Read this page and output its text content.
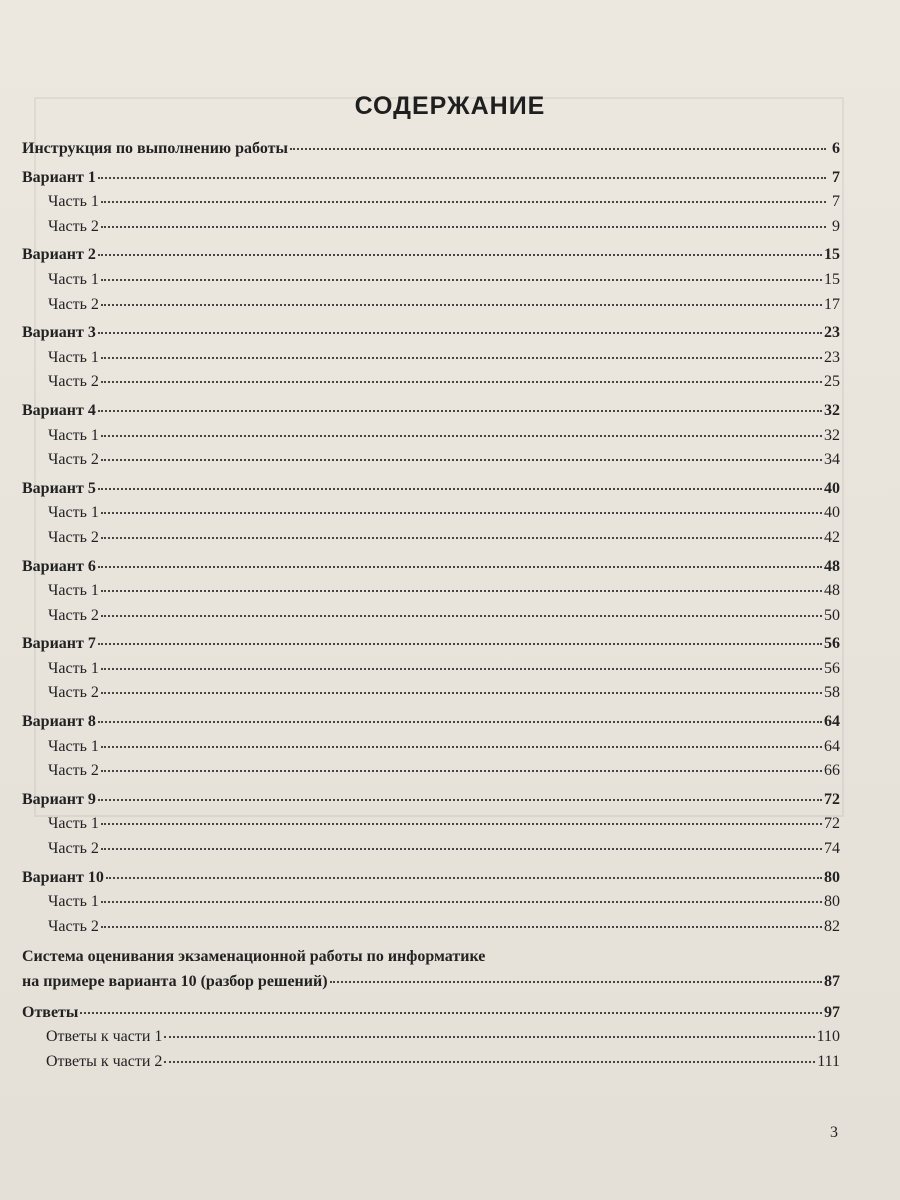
СОДЕРЖАНИЕ
Инструкция по выполнению работы	6
Вариант 1	7
Часть 1	7
Часть 2	9
Вариант 2	15
Часть 1	15
Часть 2	17
Вариант 3	23
Часть 1	23
Часть 2	25
Вариант 4	32
Часть 1	32
Часть 2	34
Вариант 5	40
Часть 1	40
Часть 2	42
Вариант 6	48
Часть 1	48
Часть 2	50
Вариант 7	56
Часть 1	56
Часть 2	58
Вариант 8	64
Часть 1	64
Часть 2	66
Вариант 9	72
Часть 1	72
Часть 2	74
Вариант 10	80
Часть 1	80
Часть 2	82
Система оценивания экзаменационной работы по информатике
на примере варианта 10 (разбор решений)	87
Ответы	97
Ответы к части 1	110
Ответы к части 2	111
3
